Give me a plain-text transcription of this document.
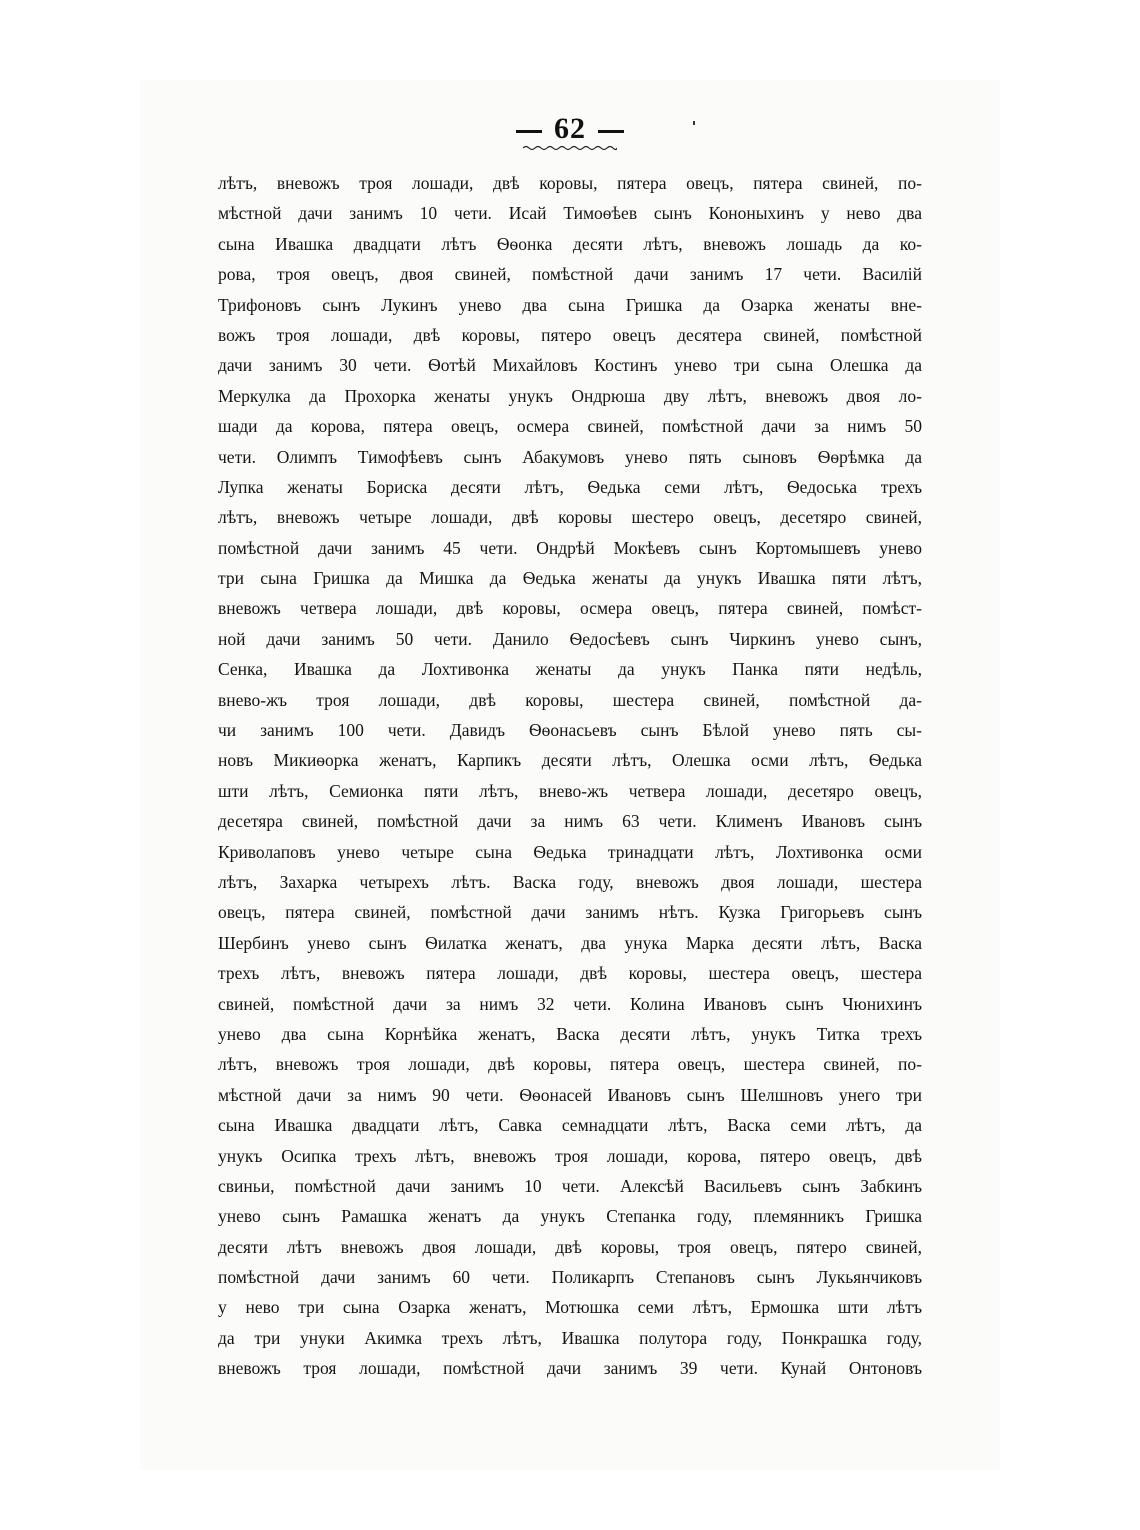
62
лѣтъ, вневожъ троя лошади, двѣ коровы, пятера овецъ, пятера свиней, по-
мѣстной дачи занимъ 10 чети. Исай Тимоѳѣев сынъ Кононыхинъ у нево два
сына Ивашка двадцати лѣтъ Ѳѳонка десяти лѣтъ, вневожъ лошадь да ко-
рова, троя овецъ, двоя свиней, помѣстной дачи занимъ 17 чети. Василій
Трифоновъ сынъ Лукинъ унево два сына Гришка да Озарка женаты вне-
вожъ троя лошади, двѣ коровы, пятеро овецъ десятера свиней, помѣстной
дачи занимъ 30 чети. Ѳотѣй Михайловъ Костинъ унево три сына Олешка да
Меркулка да Прохорка женаты унукъ Ондрюша дву лѣтъ, вневожъ двоя ло-
шади да корова, пятера овецъ, осмера свиней, помѣстной дачи за нимъ 50
чети. Олимпъ Тимофѣевъ сынъ Абакумовъ унево пять сыновъ Ѳѳрѣмка да
Лупка женаты Бориска десяти лѣтъ, Ѳедька семи лѣтъ, Ѳедоська трехъ
лѣтъ, вневожъ четыре лошади, двѣ коровы шестеро овецъ, десетяро свиней,
помѣстной дачи занимъ 45 чети. Ондрѣй Мокѣевъ сынъ Кортомышевъ унево
три сына Гришка да Мишка да Ѳедька женаты да унукъ Ивашка пяти лѣтъ,
вневожъ четвера лошади, двѣ коровы, осмера овецъ, пятера свиней, помѣст-
ной дачи занимъ 50 чети. Данило Ѳедосѣевъ сынъ Чиркинъ унево сынъ,
Сенка, Ивашка да Лохтивонка женаты да унукъ Панка пяти недѣль,
внево-жъ троя лошади, двѣ коровы, шестера свиней, помѣстной да-
чи занимъ 100 чети. Давидъ Ѳѳонасьевъ сынъ Бѣлой унево пять сы-
новъ Микиѳорка женатъ, Карпикъ десяти лѣтъ, Олешка осми лѣтъ, Ѳедька
шти лѣтъ, Семионка пяти лѣтъ, внево-жъ четвера лошади, десетяро овецъ,
десетяра свиней, помѣстной дачи за нимъ 63 чети. Клименъ Ивановъ сынъ
Криволаповъ унево четыре сына Ѳедька тринадцати лѣтъ, Лохтивонка осми
лѣтъ, Захарка четырехъ лѣтъ. Васка году, вневожъ двоя лошади, шестера
овецъ, пятера свиней, помѣстной дачи занимъ нѣтъ. Кузка Григорьевъ сынъ
Шербинъ унево сынъ Ѳилатка женатъ, два унука Марка десяти лѣтъ, Васка
трехъ лѣтъ, вневожъ пятера лошади, двѣ коровы, шестера овецъ, шестера
свиней, помѣстной дачи за нимъ 32 чети. Колина Ивановъ сынъ Чюнихинъ
унево два сына Корнѣйка женатъ, Васка десяти лѣтъ, унукъ Титка трехъ
лѣтъ, вневожъ троя лошади, двѣ коровы, пятера овецъ, шестера свиней, по-
мѣстной дачи за нимъ 90 чети. Ѳѳонасей Ивановъ сынъ Шелшновъ унего три
сына Ивашка двадцати лѣтъ, Савка семнадцати лѣтъ, Васка семи лѣтъ, да
унукъ Осипка трехъ лѣтъ, вневожъ троя лошади, корова, пятеро овецъ, двѣ
свиньи, помѣстной дачи занимъ 10 чети. Алексѣй Васильевъ сынъ Забкинъ
унево сынъ Рамашка женатъ да унукъ Степанка году, племянникъ Гришка
десяти лѣтъ вневожъ двоя лошади, двѣ коровы, троя овецъ, пятеро свиней,
помѣстной дачи занимъ 60 чети. Поликарпъ Степановъ сынъ Лукьянчиковъ
у нево три сына Озарка женатъ, Мотюшка семи лѣтъ, Ермошка шти лѣтъ
да три унуки Акимка трехъ лѣтъ, Ивашка полутора году, Понкрашка году,
вневожъ троя лошади, помѣстной дачи занимъ 39 чети. Кунай Онтоновъ
